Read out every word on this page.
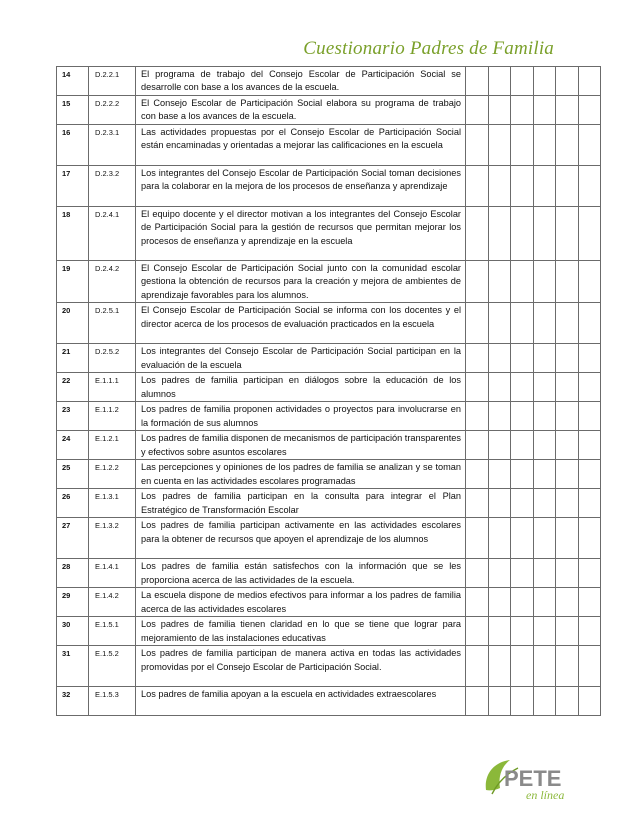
Cuestionario Padres de Familia
14	D.2.2.1	El programa de trabajo del Consejo Escolar de Participación Social se desarrolle con base a los avances de la escuela.						
15	D.2.2.2	El Consejo Escolar de Participación Social elabora su programa de trabajo con base a los avances de la escuela.						
16	D.2.3.1	Las actividades propuestas por el Consejo Escolar de Participación Social están encaminadas y orientadas a mejorar las calificaciones en la escuela						
17	D.2.3.2	Los integrantes del Consejo Escolar de Participación Social toman decisiones para la colaborar en la mejora de los procesos de enseñanza y aprendizaje						
18	D.2.4.1	El equipo docente y el director motivan a los integrantes del Consejo Escolar de Participación Social para la gestión de recursos que permitan mejorar los procesos de enseñanza y aprendizaje en la escuela						
19	D.2.4.2	El Consejo Escolar de Participación Social junto con la comunidad escolar gestiona la obtención de recursos para la creación y mejora de ambientes de aprendizaje favorables para los alumnos.						
20	D.2.5.1	El Consejo Escolar de Participación Social se informa con los docentes y el director acerca de los procesos de evaluación practicados en la escuela						
21	D.2.5.2	Los integrantes del Consejo Escolar de Participación Social participan en la evaluación de la escuela						
22	E.1.1.1	Los padres de familia participan en diálogos sobre la educación de los alumnos						
23	E.1.1.2	Los padres de familia proponen actividades o proyectos para involucrarse en la formación de sus alumnos						
24	E.1.2.1	Los padres de familia disponen de mecanismos de participación transparentes y efectivos sobre asuntos escolares						
25	E.1.2.2	Las percepciones y opiniones de los padres de familia se analizan y se toman en cuenta en las actividades escolares programadas						
26	E.1.3.1	Los padres de familia participan en la consulta para integrar el Plan Estratégico de Transformación Escolar						
27	E.1.3.2	Los padres de familia participan activamente en las actividades escolares para la obtener de recursos que apoyen el aprendizaje de los alumnos						
28	E.1.4.1	Los padres de familia están satisfechos con la información que se les proporciona acerca de las actividades de la escuela.						
29	E.1.4.2	La escuela dispone de medios efectivos para informar a los padres de familia acerca de las actividades escolares						
30	E.1.5.1	Los padres de familia tienen claridad en lo que se tiene que lograr para mejoramiento de las instalaciones educativas						
31	E.1.5.2	Los padres de familia participan de manera activa en todas las actividades promovidas por el Consejo Escolar de Participación Social.						
32	E.1.5.3	Los padres de familia apoyan a la escuela en actividades extraescolares						
PETE
en línea
